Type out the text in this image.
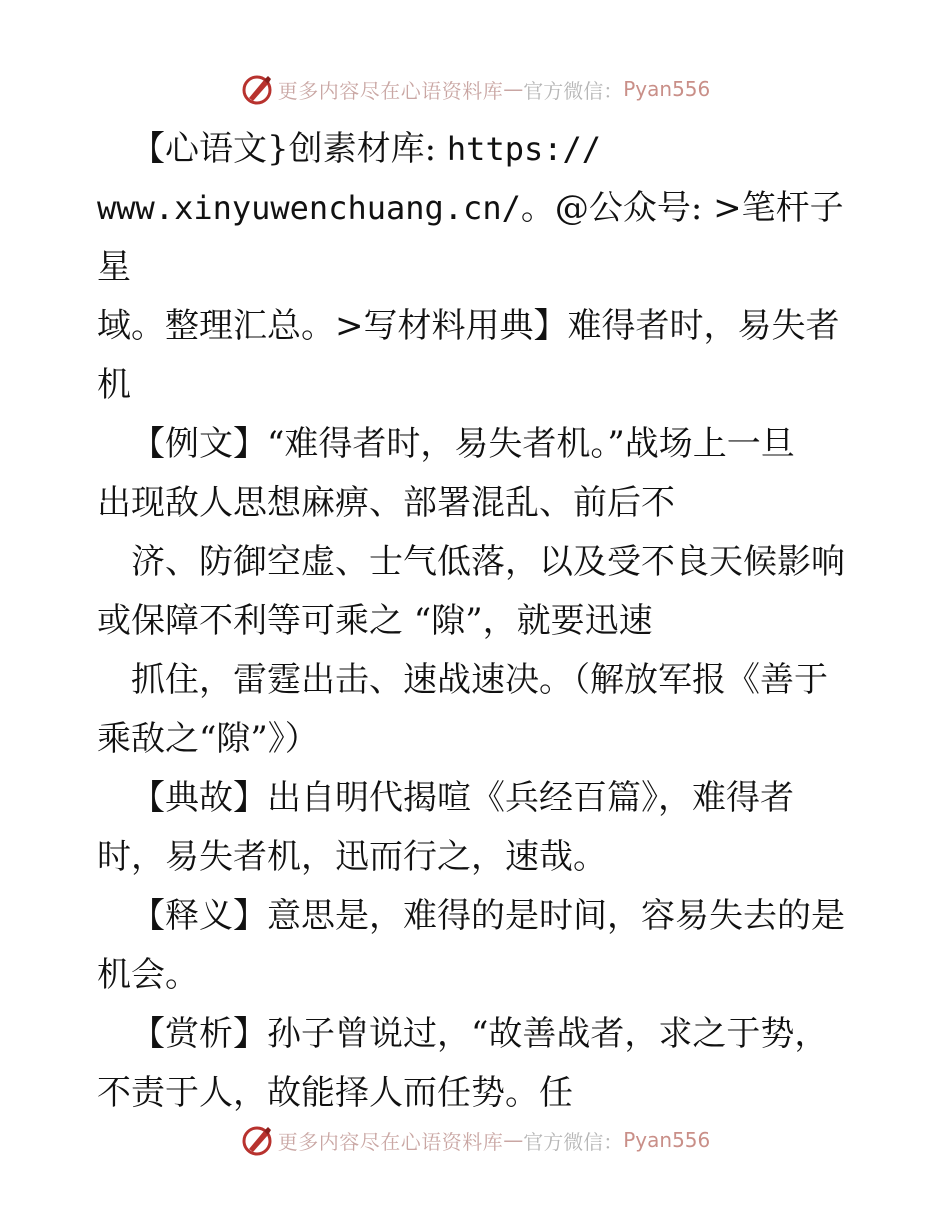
更多内容尽在心语资料库 — 官方微信： Pyan556

【心语文}创素材库: https://
www.xinyuwenchuang.cn/。@公众号: >笔杆子星
域。整理汇总。>写材料用典】难得者时，易失者
机

【例文】“难得者时，易失者机。”战场上一旦
出现敌人思想麻痹、部署混乱、前后不

济、防御空虚、士气低落，以及受不良天候影响
或保障不利等可乘之 “隙”，就要迅速

抓住，雷霆出击、速战速决。（解放军报《善于
乘敌之“隙”》）

【典故】出自明代揭喧《兵经百篇》，难得者
时，易失者机，迅而行之，速哉。

【释义】意思是，难得的是时间，容易失去的是
机会。

【赏析】孙子曾说过，“故善战者，求之于势，
不责于人，故能择人而任势。任

更多内容尽在心语资料库 — 官方微信： Pyan556
